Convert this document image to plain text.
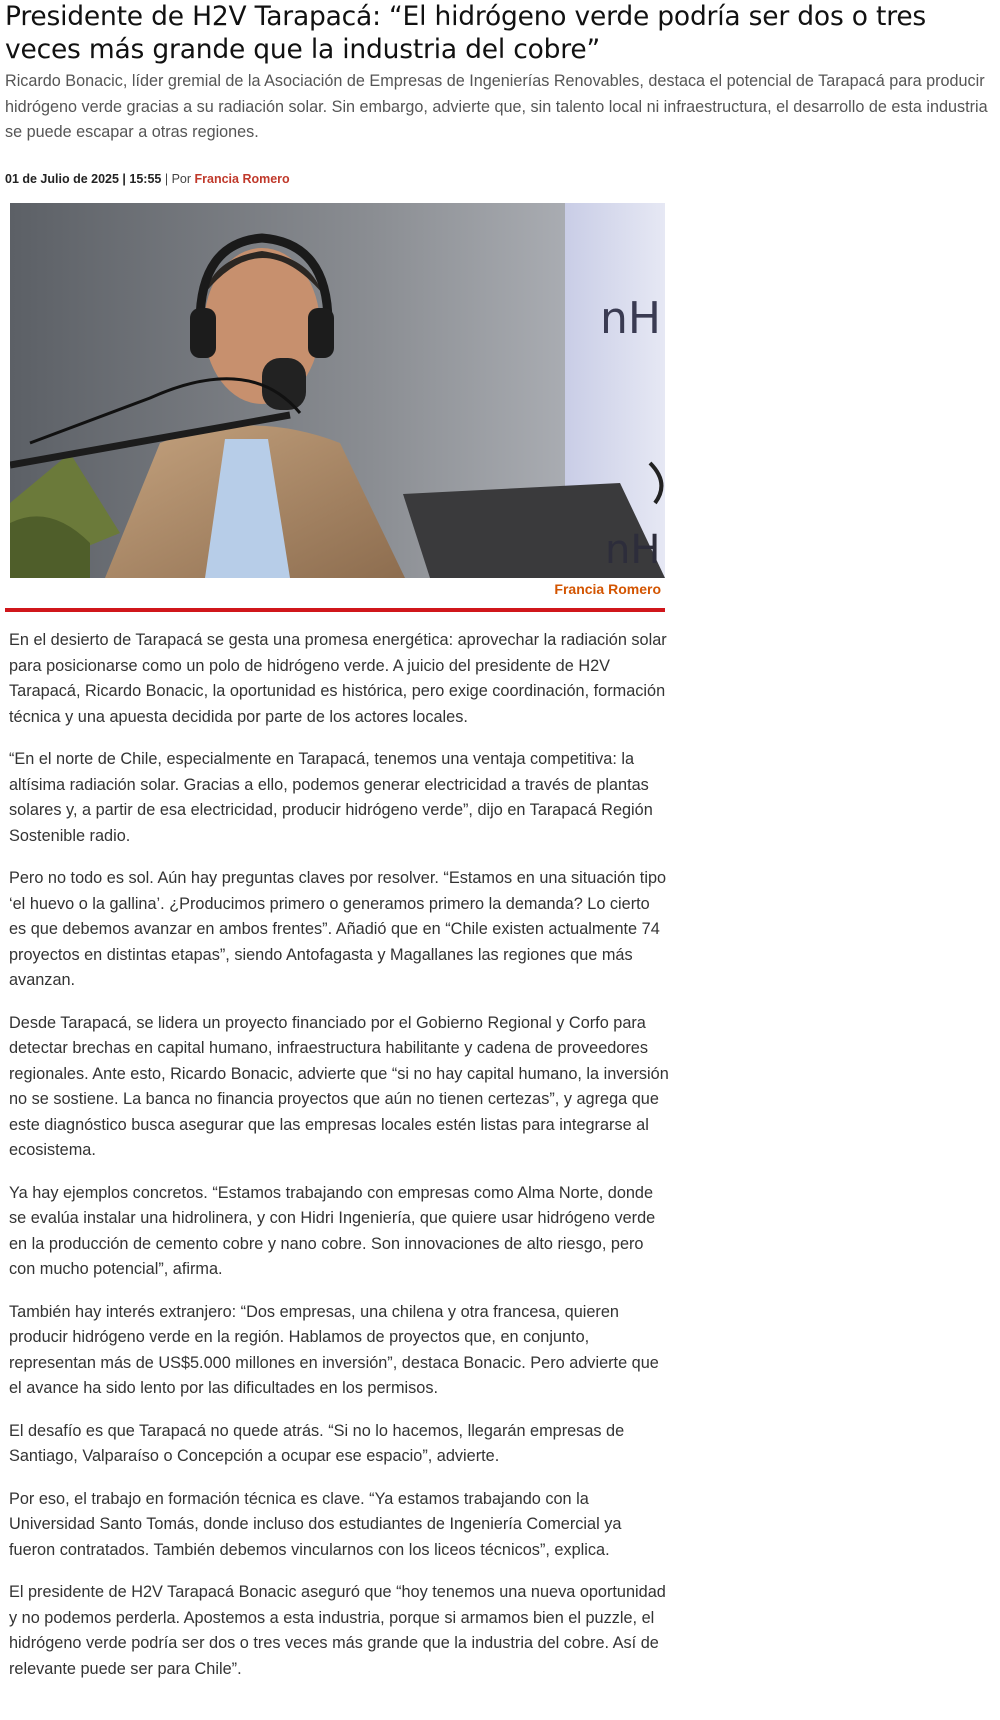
Presidente de H2V Tarapacá: “El hidrógeno verde podría ser dos o tres veces más grande que la industria del cobre”

Ricardo Bonacic, líder gremial de la Asociación de Empresas de Ingenierías Renovables, destaca el potencial de Tarapacá para producir hidrógeno verde gracias a su radiación solar. Sin embargo, advierte que, sin talento local ni infraestructura, el desarrollo de esta industria se puede escapar a otras regiones.

01 de Julio de 2025 | 15:55 | Por Francia Romero
nH
nH
Francia Romero

En el desierto de Tarapacá se gesta una promesa energética: aprovechar la radiación solar para posicionarse como un polo de hidrógeno verde. A juicio del presidente de H2V Tarapacá, Ricardo Bonacic, la oportunidad es histórica, pero exige coordinación, formación técnica y una apuesta decidida por parte de los actores locales.

“En el norte de Chile, especialmente en Tarapacá, tenemos una ventaja competitiva: la altísima radiación solar. Gracias a ello, podemos generar electricidad a través de plantas solares y, a partir de esa electricidad, producir hidrógeno verde”, dijo en Tarapacá Región Sostenible radio.

Pero no todo es sol. Aún hay preguntas claves por resolver. “Estamos en una situación tipo ‘el huevo o la gallina’. ¿Producimos primero o generamos primero la demanda? Lo cierto es que debemos avanzar en ambos frentes”. Añadió que en “Chile existen actualmente 74 proyectos en distintas etapas”, siendo Antofagasta y Magallanes las regiones que más avanzan.

Desde Tarapacá, se lidera un proyecto financiado por el Gobierno Regional y Corfo para detectar brechas en capital humano, infraestructura habilitante y cadena de proveedores regionales. Ante esto, Ricardo Bonacic, advierte que “si no hay capital humano, la inversión no se sostiene. La banca no financia proyectos que aún no tienen certezas”, y agrega que este diagnóstico busca asegurar que las empresas locales estén listas para integrarse al ecosistema.

Ya hay ejemplos concretos. “Estamos trabajando con empresas como Alma Norte, donde se evalúa instalar una hidrolinera, y con Hidri Ingeniería, que quiere usar hidrógeno verde en la producción de cemento cobre y nano cobre. Son innovaciones de alto riesgo, pero con mucho potencial”, afirma.

También hay interés extranjero: “Dos empresas, una chilena y otra francesa, quieren producir hidrógeno verde en la región. Hablamos de proyectos que, en conjunto, representan más de US$5.000 millones en inversión”, destaca Bonacic. Pero advierte que el avance ha sido lento por las dificultades en los permisos.

El desafío es que Tarapacá no quede atrás. “Si no lo hacemos, llegarán empresas de Santiago, Valparaíso o Concepción a ocupar ese espacio”, advierte.

Por eso, el trabajo en formación técnica es clave. “Ya estamos trabajando con la Universidad Santo Tomás, donde incluso dos estudiantes de Ingeniería Comercial ya fueron contratados. También debemos vincularnos con los liceos técnicos”, explica.

El presidente de H2V Tarapacá Bonacic aseguró que “hoy tenemos una nueva oportunidad y no podemos perderla. Apostemos a esta industria, porque si armamos bien el puzzle, el hidrógeno verde podría ser dos o tres veces más grande que la industria del cobre. Así de relevante puede ser para Chile”.
